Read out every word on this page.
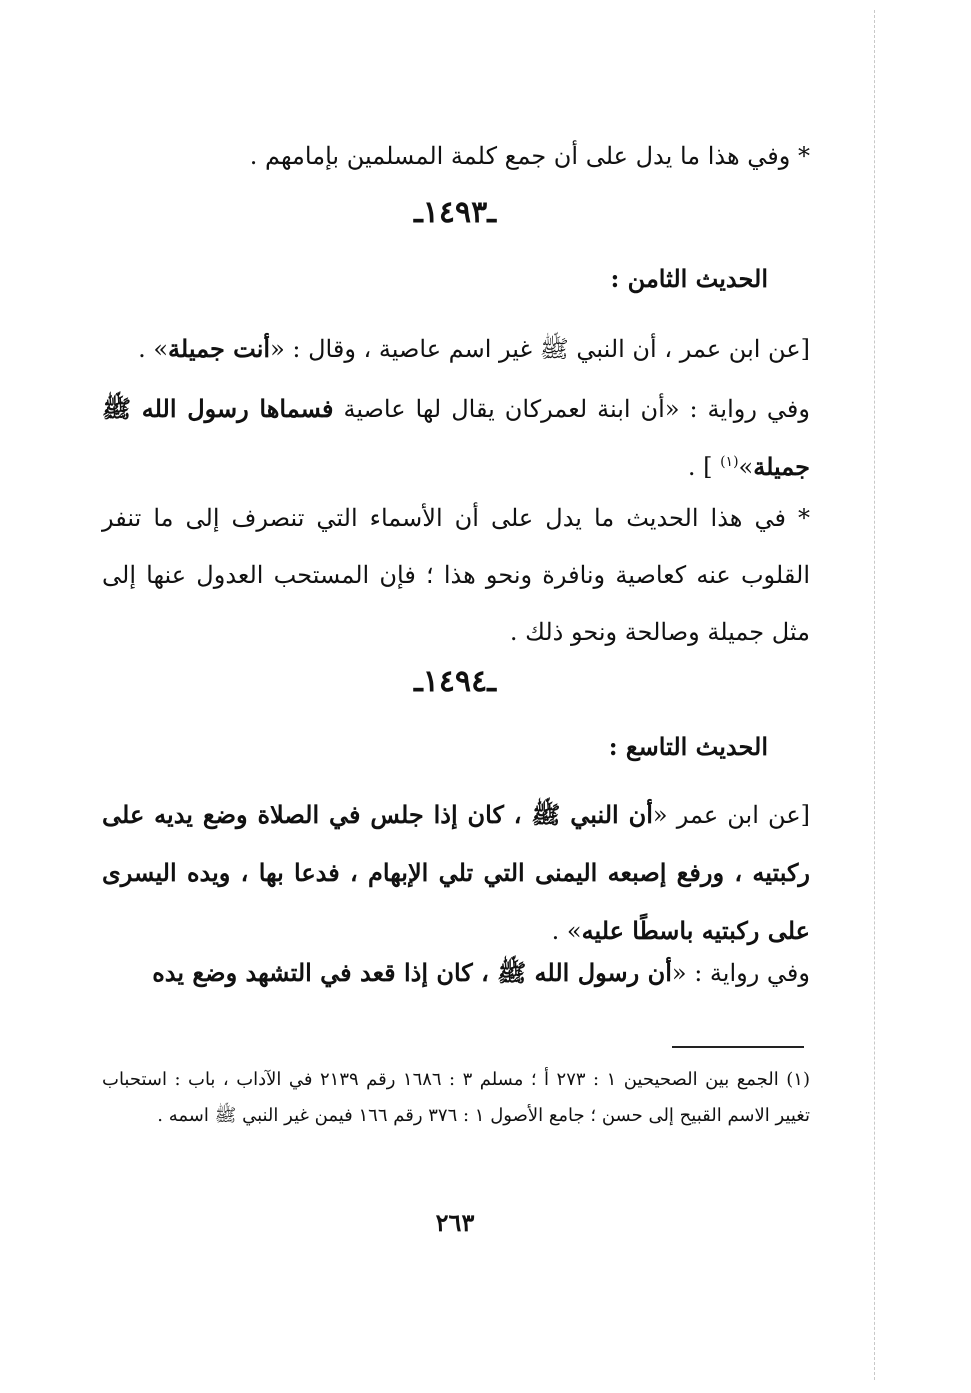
* وفي هذا ما يدل على أن جمع كلمة المسلمين بإمامهم .
ـ١٤٩٣ـ
الحديث الثامن :
[عن ابن عمر ، أن النبي ﷺ غير اسم عاصية ، وقال : «أنت جميلة» .
وفي رواية : «أن ابنة لعمركان يقال لها عاصية فسماها رسول الله ﷺ جميلة»$^{(١)}$ ] .
* في هذا الحديث ما يدل على أن الأسماء التي تنصرف إلى ما تنفر القلوب عنه كعاصية ونافرة ونحو هذا ؛ فإن المستحب العدول عنها إلى مثل جميلة وصالحة ونحو ذلك .
ـ١٤٩٤ـ
الحديث التاسع :
[عن ابن عمر «أن النبي ﷺ ، كان إذا جلس في الصلاة وضع يديه على ركبتيه ، ورفع إصبعه اليمنى التي تلي الإبهام ، فدعا بها ، ويده اليسرى على ركبتيه باسطًا عليه» .
وفي رواية : «أن رسول الله ﷺ ، كان إذا قعد في التشهد وضع يده
(١) الجمع بين الصحيحين ١ : ٢٧٣ أ ؛ مسلم ٣ : ١٦٨٦ رقم ٢١٣٩ في الآداب ، باب : استحباب تغيير الاسم القبيح إلى حسن ؛ جامع الأصول ١ : ٣٧٦ رقم ١٦٦ فيمن غير النبي ﷺ اسمه .
٢٦٣
